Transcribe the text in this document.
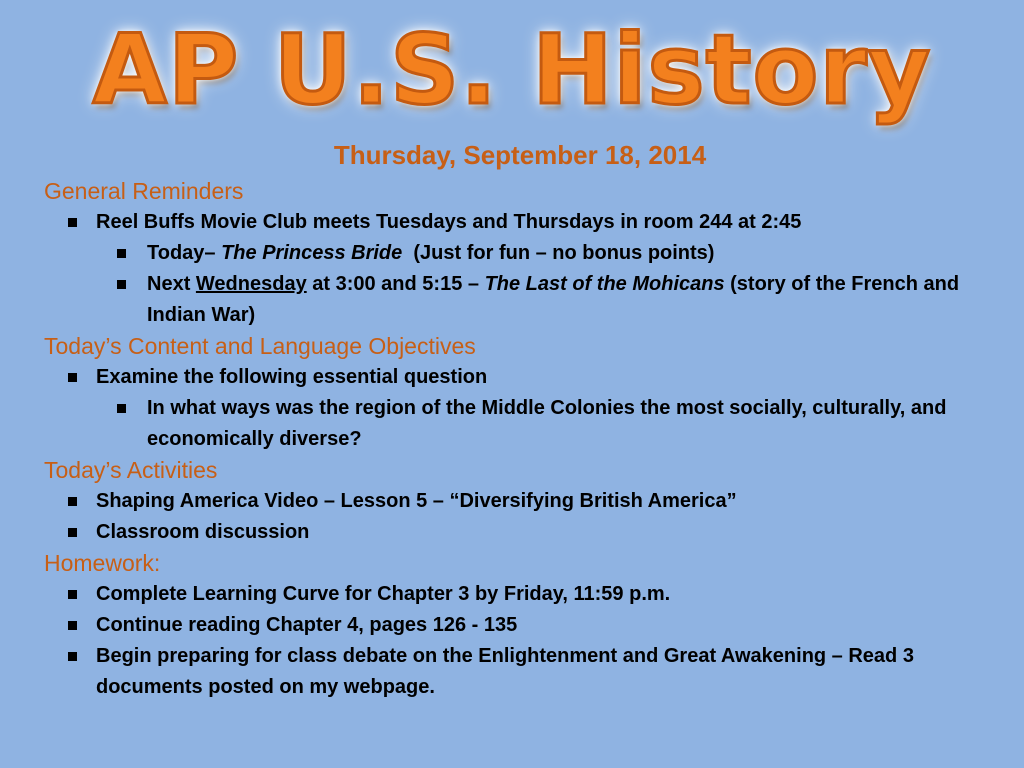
AP U.S. History
Thursday, September 18, 2014
General Reminders
Reel Buffs Movie Club meets Tuesdays and Thursdays in room 244 at 2:45
Today– The Princess Bride  (Just for fun – no bonus points)
Next Wednesday at 3:00 and 5:15 – The Last of the Mohicans (story of the French and Indian War)
Today’s Content and Language Objectives
Examine the following essential question
In what ways was the region of the Middle Colonies the most socially, culturally, and economically diverse?
Today’s Activities
Shaping America Video – Lesson 5 – “Diversifying British America”
Classroom discussion
Homework:
Complete Learning Curve for Chapter 3 by Friday, 11:59 p.m.
Continue reading Chapter 4, pages 126 - 135
Begin preparing for class debate on the Enlightenment and Great Awakening – Read 3 documents posted on my webpage.
